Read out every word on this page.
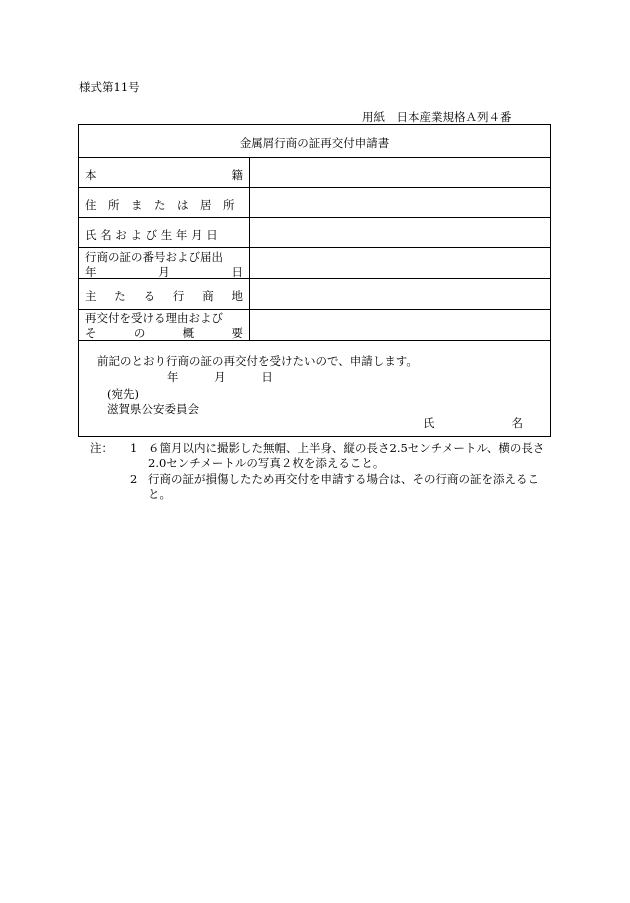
様式第11号
用紙　日本産業規格Ａ列４番
金属屑行商の証再交付申請書
本	籍
住　所　ま　た　は　居　所
氏 名 お よ び 生 年 月 日
行商の証の番号および届出
年	月	日
主 た る 行 商 地
再交付を受ける理由および
そ	の	概	要
前記のとおり行商の証の再交付を受けたいので、申請します。
年	月	日
(宛先)
滋賀県公安委員会
氏	名
注： 1 ６箇月以内に撮影した無帽、上半身、縦の長さ2.5センチメートル、横の長さ2.0センチメートルの写真２枚を添えること。
2 行商の証が損傷したため再交付を申請する場合は、その行商の証を添えること。
